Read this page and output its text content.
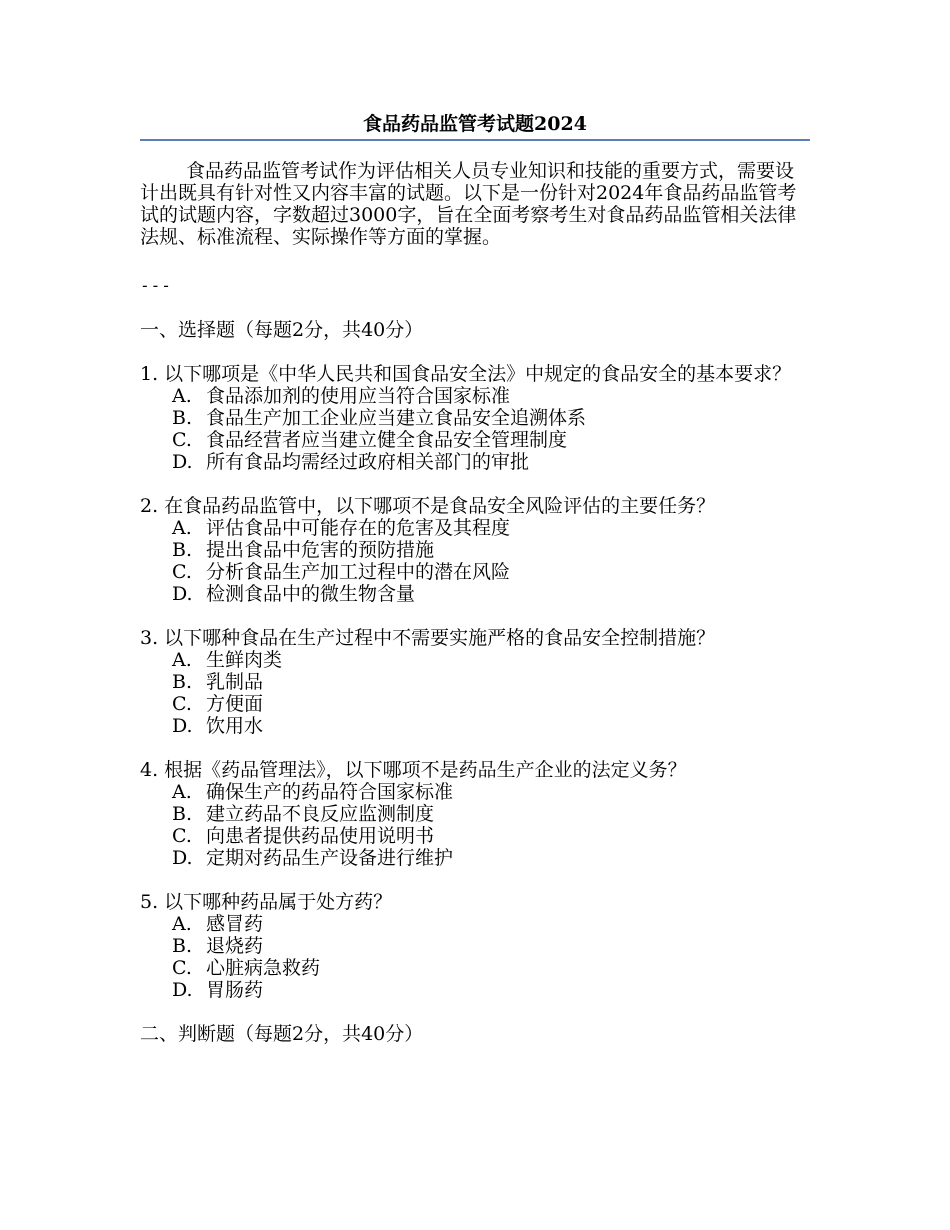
食品药品监管考试题2024

食品药品监管考试作为评估相关人员专业知识和技能的重要方式，需要设计出既具有针对性又内容丰富的试题。以下是一份针对2024年食品药品监管考试的试题内容，字数超过3000字，旨在全面考察考生对食品药品监管相关法律法规、标准流程、实际操作等方面的掌握。

---

一、选择题（每题2分，共40分）

1. 以下哪项是《中华人民共和国食品安全法》中规定的食品安全的基本要求？

A. 食品添加剂的使用应当符合国家标准
B. 食品生产加工企业应当建立食品安全追溯体系
C. 食品经营者应当建立健全食品安全管理制度
D. 所有食品均需经过政府相关部门的审批

2. 在食品药品监管中，以下哪项不是食品安全风险评估的主要任务？

A. 评估食品中可能存在的危害及其程度
B. 提出食品中危害的预防措施
C. 分析食品生产加工过程中的潜在风险
D. 检测食品中的微生物含量

3. 以下哪种食品在生产过程中不需要实施严格的食品安全控制措施？

A. 生鲜肉类
B. 乳制品
C. 方便面
D. 饮用水

4. 根据《药品管理法》，以下哪项不是药品生产企业的法定义务？

A. 确保生产的药品符合国家标准
B. 建立药品不良反应监测制度
C. 向患者提供药品使用说明书
D. 定期对药品生产设备进行维护

5. 以下哪种药品属于处方药？

A. 感冒药
B. 退烧药
C. 心脏病急救药
D. 胃肠药

二、判断题（每题2分，共40分）
